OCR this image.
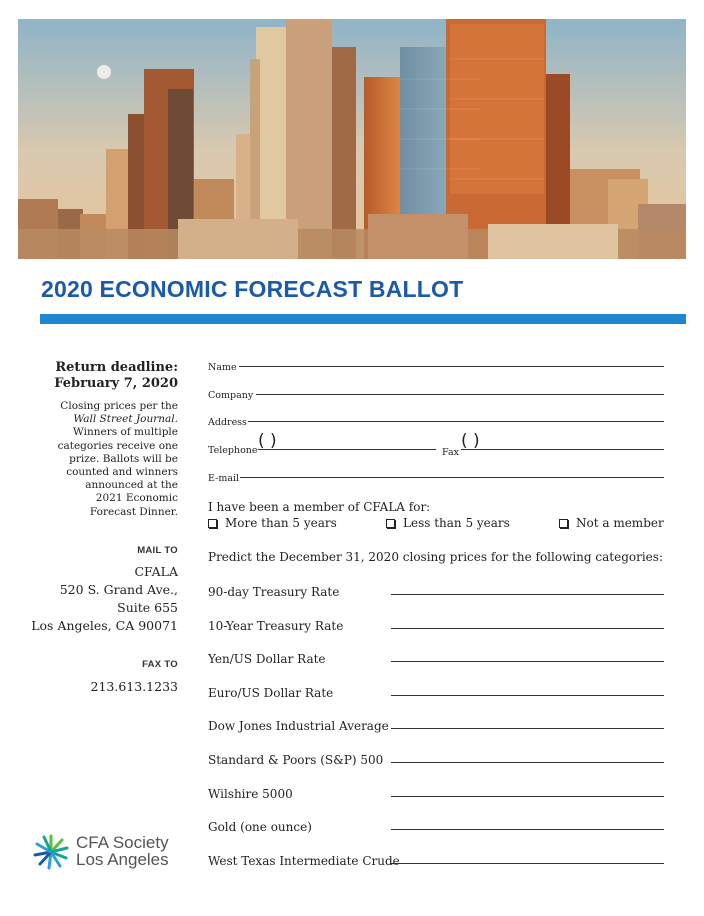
2020 ECONOMIC FORECAST BALLOT
Return deadline:
February 7, 2020
Closing prices per the
Wall Street Journal.
Winners of multiple
categories receive one
prize. Ballots will be
counted and winners
announced at the
2021 Economic
Forecast Dinner.
MAIL TO
CFALA
520 S. Grand Ave.,
Suite 655
Los Angeles, CA 90071
FAX TO
213.613.1233
CFA Society
Los Angeles
Name
Company
Address
Telephone ( )
Fax
( )
E-mail
I have been a member of CFALA for:
More than 5 years	Less than 5 years	Not a member
Predict the December 31, 2020 closing prices for the following categories:
90-day Treasury Rate
10-Year Treasury Rate
Yen/US Dollar Rate
Euro/US Dollar Rate
Dow Jones Industrial Average
Standard & Poors (S&P) 500
Wilshire 5000
Gold (one ounce)
West Texas Intermediate Crude
